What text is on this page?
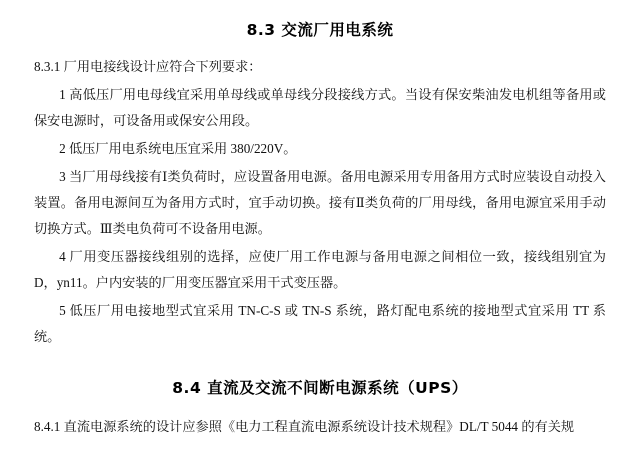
8.3 交流厂用电系统

8.3.1 厂用电接线设计应符合下列要求：

1 高低压厂用电母线宜采用单母线或单母线分段接线方式。当设有保安柴油发电机组等备用或保安电源时，可设备用或保安公用段。

2 低压厂用电系统电压宜采用 380/220V。

3 当厂用母线接有Ⅰ类负荷时，应设置备用电源。备用电源采用专用备用方式时应装设自动投入装置。备用电源间互为备用方式时，宜手动切换。接有Ⅱ类负荷的厂用母线，备用电源宜采用手动切换方式。Ⅲ类电负荷可不设备用电源。

4 厂用变压器接线组别的选择，应使厂用工作电源与备用电源之间相位一致，接线组别宜为 D，yn11。户内安装的厂用变压器宜采用干式变压器。

5 低压厂用电接地型式宜采用 TN-C-S 或 TN-S 系统，路灯配电系统的接地型式宜采用 TT 系统。

8.4 直流及交流不间断电源系统（UPS）

8.4.1 直流电源系统的设计应参照《电力工程直流电源系统设计技术规程》DL/T 5044 的有关规
